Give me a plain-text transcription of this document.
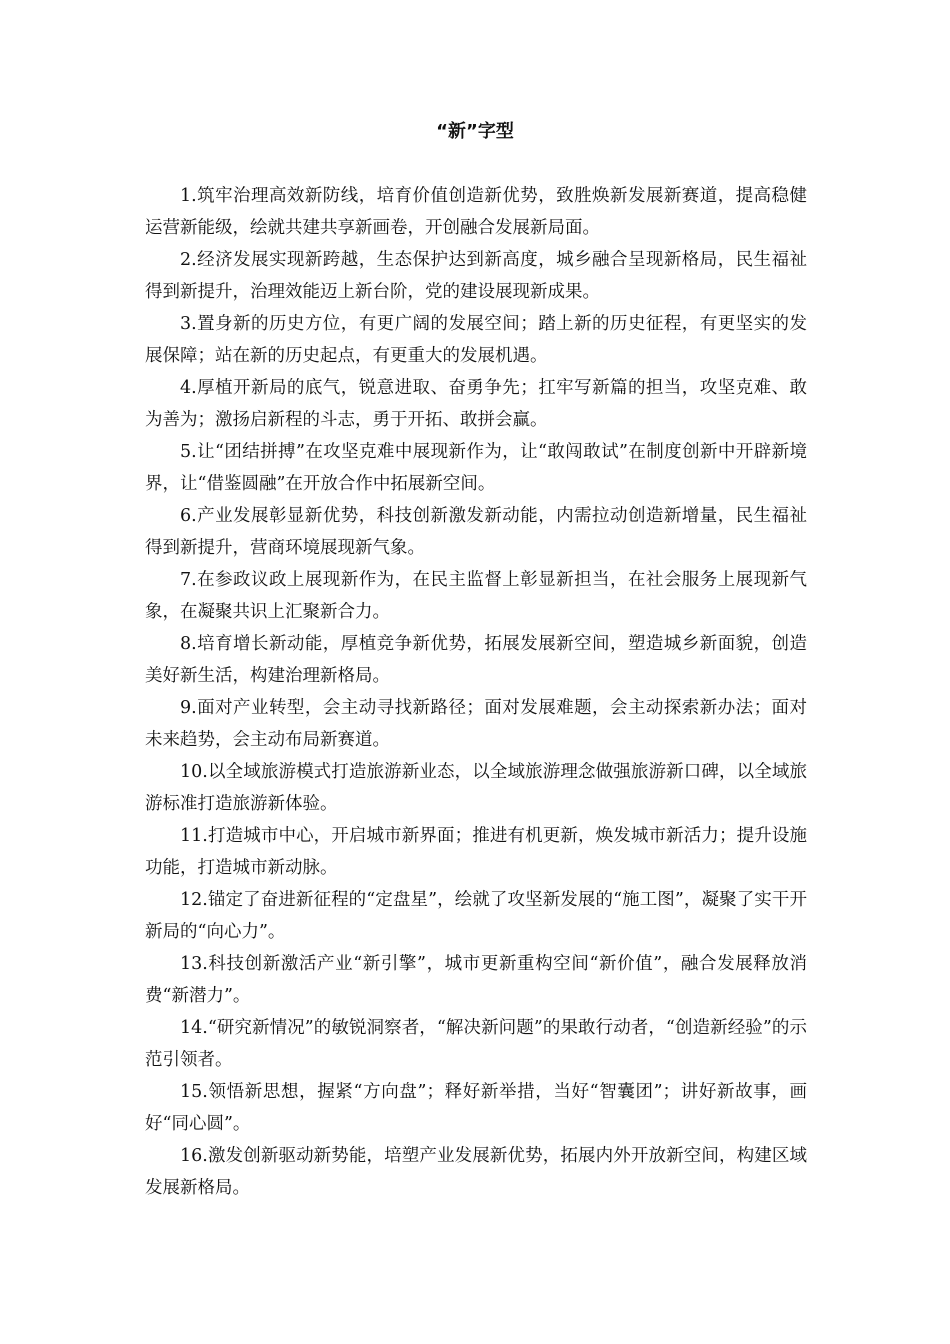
“新”字型

1.筑牢治理高效新防线，培育价值创造新优势，致胜焕新发展新赛道，提高稳健运营新能级，绘就共建共享新画卷，开创融合发展新局面。

2.经济发展实现新跨越，生态保护达到新高度，城乡融合呈现新格局，民生福祉得到新提升，治理效能迈上新台阶，党的建设展现新成果。

3.置身新的历史方位，有更广阔的发展空间；踏上新的历史征程，有更坚实的发展保障；站在新的历史起点，有更重大的发展机遇。

4.厚植开新局的底气，锐意进取、奋勇争先；扛牢写新篇的担当，攻坚克难、敢为善为；激扬启新程的斗志，勇于开拓、敢拼会赢。

5.让“团结拼搏”在攻坚克难中展现新作为，让“敢闯敢试”在制度创新中开辟新境界，让“借鉴圆融”在开放合作中拓展新空间。

6.产业发展彰显新优势，科技创新激发新动能，内需拉动创造新增量，民生福祉得到新提升，营商环境展现新气象。

7.在参政议政上展现新作为，在民主监督上彰显新担当，在社会服务上展现新气象，在凝聚共识上汇聚新合力。

8.培育增长新动能，厚植竞争新优势，拓展发展新空间，塑造城乡新面貌，创造美好新生活，构建治理新格局。

9.面对产业转型，会主动寻找新路径；面对发展难题，会主动探索新办法；面对未来趋势，会主动布局新赛道。

10.以全域旅游模式打造旅游新业态，以全域旅游理念做强旅游新口碑，以全域旅游标准打造旅游新体验。

11.打造城市中心，开启城市新界面；推进有机更新，焕发城市新活力；提升设施功能，打造城市新动脉。

12.锚定了奋进新征程的“定盘星”，绘就了攻坚新发展的“施工图”，凝聚了实干开新局的“向心力”。

13.科技创新激活产业“新引擎”，城市更新重构空间“新价值”，融合发展释放消费“新潜力”。

14.“研究新情况”的敏锐洞察者，“解决新问题”的果敢行动者，“创造新经验”的示范引领者。

15.领悟新思想，握紧“方向盘”；释好新举措，当好“智囊团”；讲好新故事，画好“同心圆”。

16.激发创新驱动新势能，培塑产业发展新优势，拓展内外开放新空间，构建区域发展新格局。
